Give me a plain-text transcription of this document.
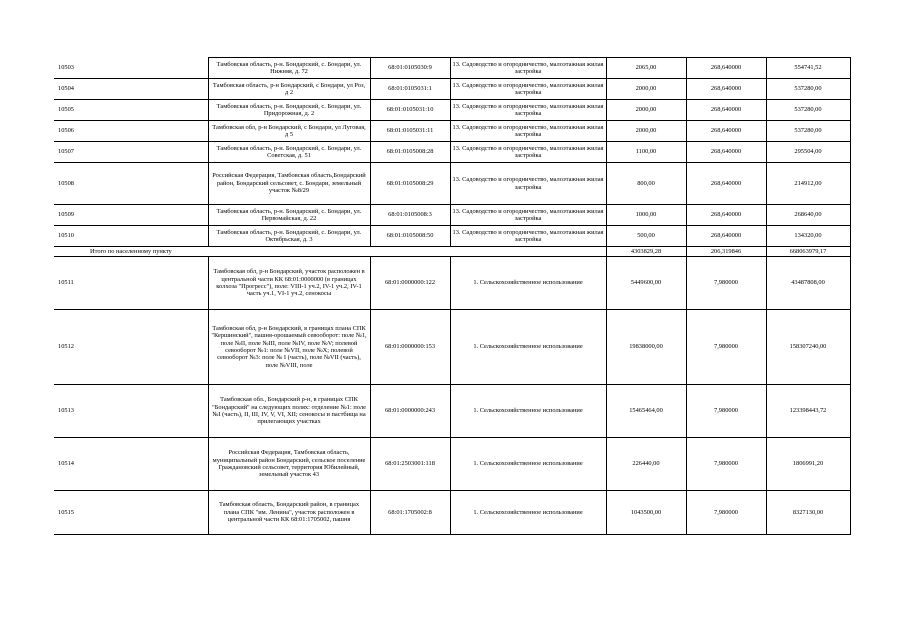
10503	Тамбовская область, р-н. Бондарский, с. Бондари, ул. Нижняя, д. 72	68:01:0105030:9	13. Садоводство и огородничество, малоэтажная жилая застройка	2065,00	268,640000	554741,52
10504	Тамбовская область, р-н Бондарский, с Бондари, ул Роз, д 2	68:01:0105031:1	13. Садоводство и огородничество, малоэтажная жилая застройка	2000,00	268,640000	537280,00
10505	Тамбовская область, р-н. Бондарский, с. Бондари, ул. Придорожная, д. 2	68:01:0105031:10	13. Садоводство и огородничество, малоэтажная жилая застройка	2000,00	268,640000	537280,00
10506	Тамбовская обл, р-н Бондарский, с Бондари, ул Луговая, д 5	68:01:0105031:11	13. Садоводство и огородничество, малоэтажная жилая застройка	2000,00	268,640000	537280,00
10507	Тамбовская область, р-н. Бондарский, с. Бондари, ул. Советская, д. 51	68:01:0105008:28	13. Садоводство и огородничество, малоэтажная жилая застройка	1100,00	268,640000	295504,00
10508	Российская Федерация, Тамбовская область,Бондарский район, Бондарский сельсовет, с. Бондари, земельный участок №8/29	68:01:0105008:29	13. Садоводство и огородничество, малоэтажная жилая застройка	800,00	268,640000	214912,00
10509	Тамбовская область, р-н. Бондарский, с. Бондари, ул. Первомайская, д. 22	68:01:0105008:3	13. Садоводство и огородничество, малоэтажная жилая застройка	1000,00	268,640000	268640,00
10510	Тамбовская область, р-н. Бондарский, с. Бондари, ул. Октябрьская, д. 3	68:01:0105008:50	13. Садоводство и огородничество, малоэтажная жилая застройка	500,00	268,640000	134320,00
Итого по населенному пункту				4303829,28	206,319846	668063979,17
10511	Тамбовская обл, р-н Бондарский, участок расположен в центральной части КК 68:01:0000000 (в границах колхоза "Прогресс"), поле: VIII-1 уч.2, IV-1 уч.2, IV-1 часть уч.1, VI-1 уч.2, сенокосы	68:01:0000000:122	1. Сельскохозяйственное использование	5449600,00	7,980000	43487808,00
10512	Тамбовская обл, р-н Бондарский, в границах плана СПК "Кершинский", пашня-орошаемый севооборот: поле №1, поле №II, поле №III, поле №IV, поле №V; полевой севооборот №1: поле №VII, поле №X; полевой севооборот №3: поле № I (часть), поле №VII (часть), поле №VIII, поле	68:01:0000000:153	1. Сельскохозяйственное использование	19838000,00	7,980000	158307240,00
10513	Тамбовская обл., Бондарский р-н, в границах СПК "Бондарский" на следующих полях: отделение №1: поле №I (часть), II, III, IV, V, VI, XII; сенокосы и пастбища на прилегающих участках	68:01:0000000:243	1. Сельскохозяйственное использование	15465464,00	7,980000	123398443,72
10514	Российская Федерация, Тамбовская область, муниципальный район Бондарский, сельское поселение Граждановский сельсовет, территория Юбилейный, земельный участок 43	68:01:2503001:118	1. Сельскохозяйственное использование	226440,00	7,980000	1806991,20
10515	Тамбовская область, Бондарский район, в границах плана СПК "им. Ленина", участок расположен в центральной части КК 68:01:1705002, пашня	68:01:1705002:8	1. Сельскохозяйственное использование	1043500,00	7,980000	8327130,00
